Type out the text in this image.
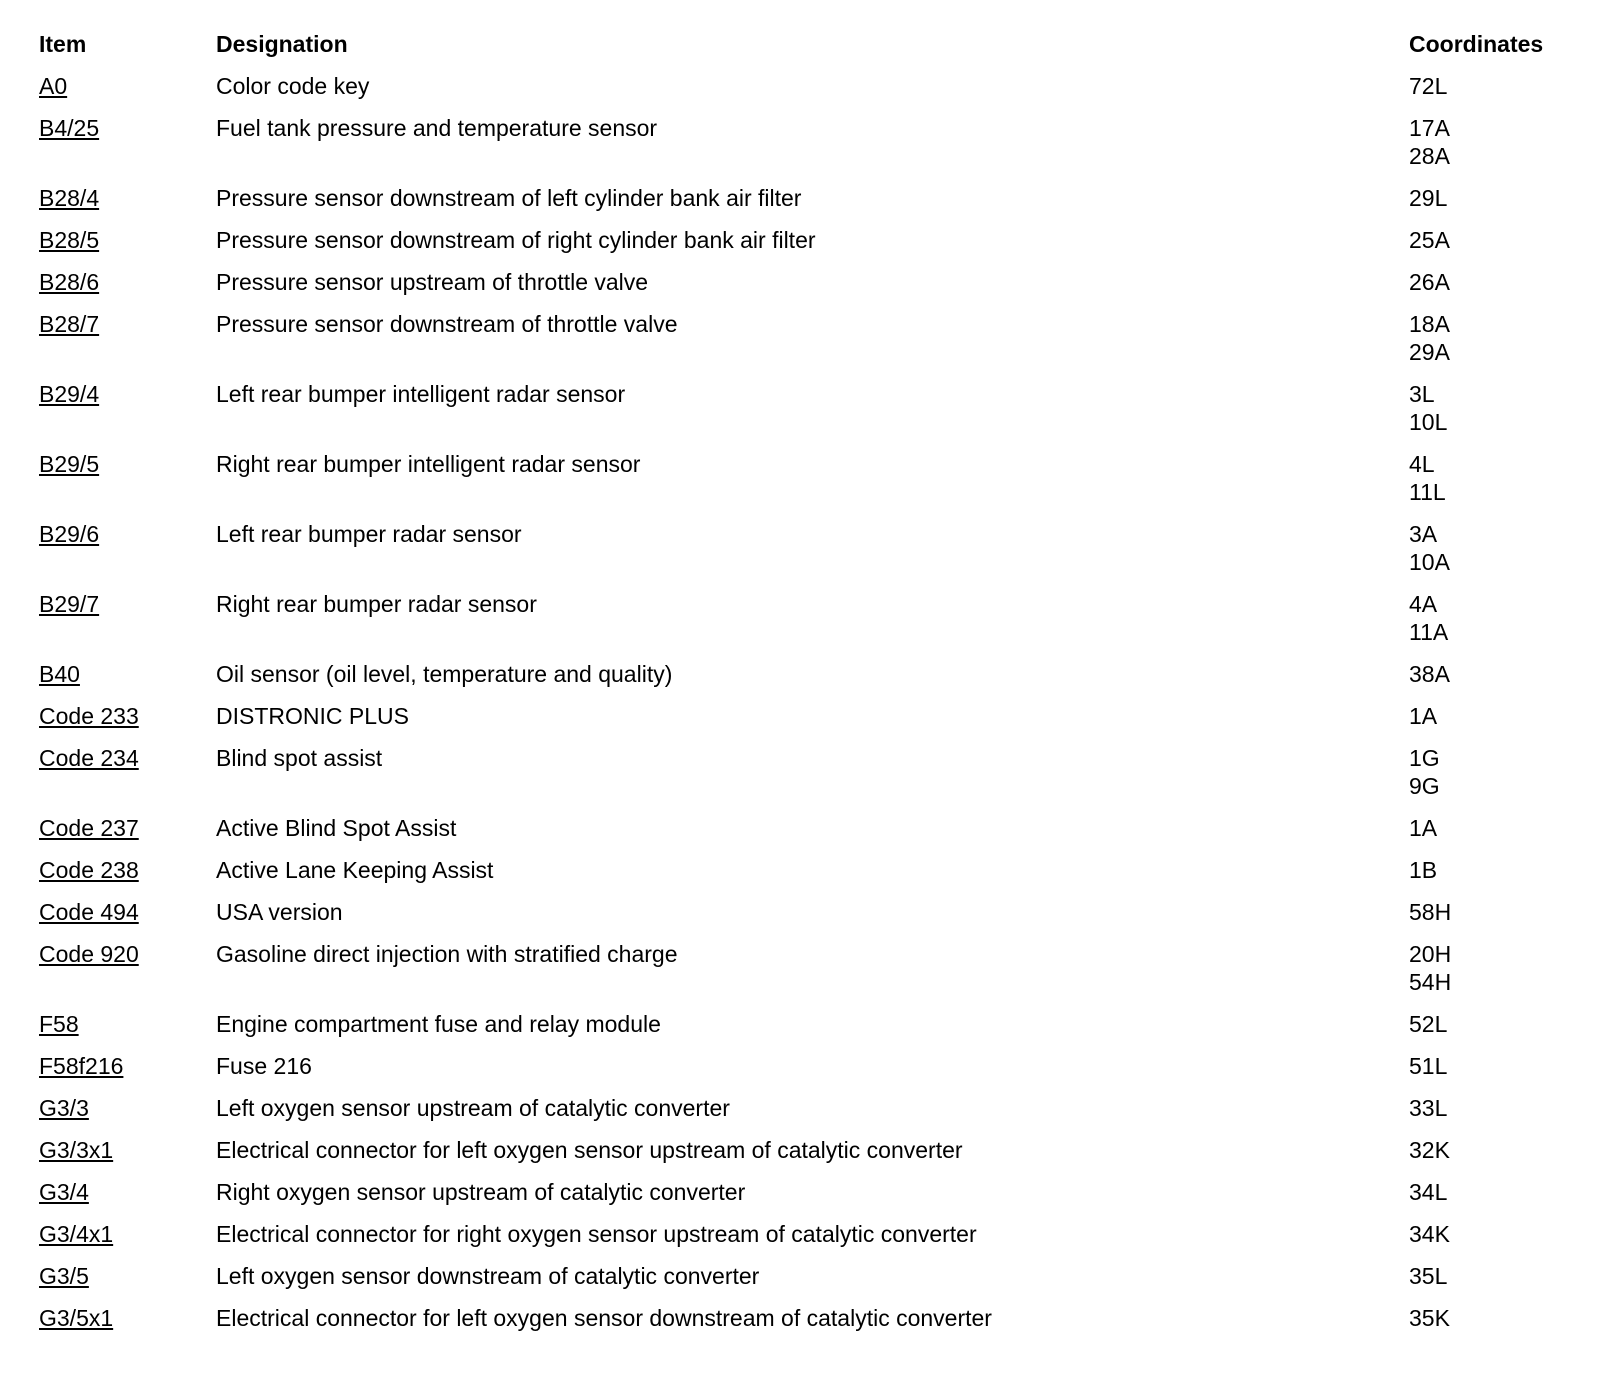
Item	Designation	Coordinates
A0	Color code key	72L
B4/25	Fuel tank pressure and temperature sensor	17A
28A
B28/4	Pressure sensor downstream of left cylinder bank air filter	29L
B28/5	Pressure sensor downstream of right cylinder bank air filter	25A
B28/6	Pressure sensor upstream of throttle valve	26A
B28/7	Pressure sensor downstream of throttle valve	18A
29A
B29/4	Left rear bumper intelligent radar sensor	3L
10L
B29/5	Right rear bumper intelligent radar sensor	4L
11L
B29/6	Left rear bumper radar sensor	3A
10A
B29/7	Right rear bumper radar sensor	4A
11A
B40	Oil sensor (oil level, temperature and quality)	38A
Code 233	DISTRONIC PLUS	1A
Code 234	Blind spot assist	1G
9G
Code 237	Active Blind Spot Assist	1A
Code 238	Active Lane Keeping Assist	1B
Code 494	USA version	58H
Code 920	Gasoline direct injection with stratified charge	20H
54H
F58	Engine compartment fuse and relay module	52L
F58f216	Fuse 216	51L
G3/3	Left oxygen sensor upstream of catalytic converter	33L
G3/3x1	Electrical connector for left oxygen sensor upstream of catalytic converter	32K
G3/4	Right oxygen sensor upstream of catalytic converter	34L
G3/4x1	Electrical connector for right oxygen sensor upstream of catalytic converter	34K
G3/5	Left oxygen sensor downstream of catalytic converter	35L
G3/5x1	Electrical connector for left oxygen sensor downstream of catalytic converter	35K
